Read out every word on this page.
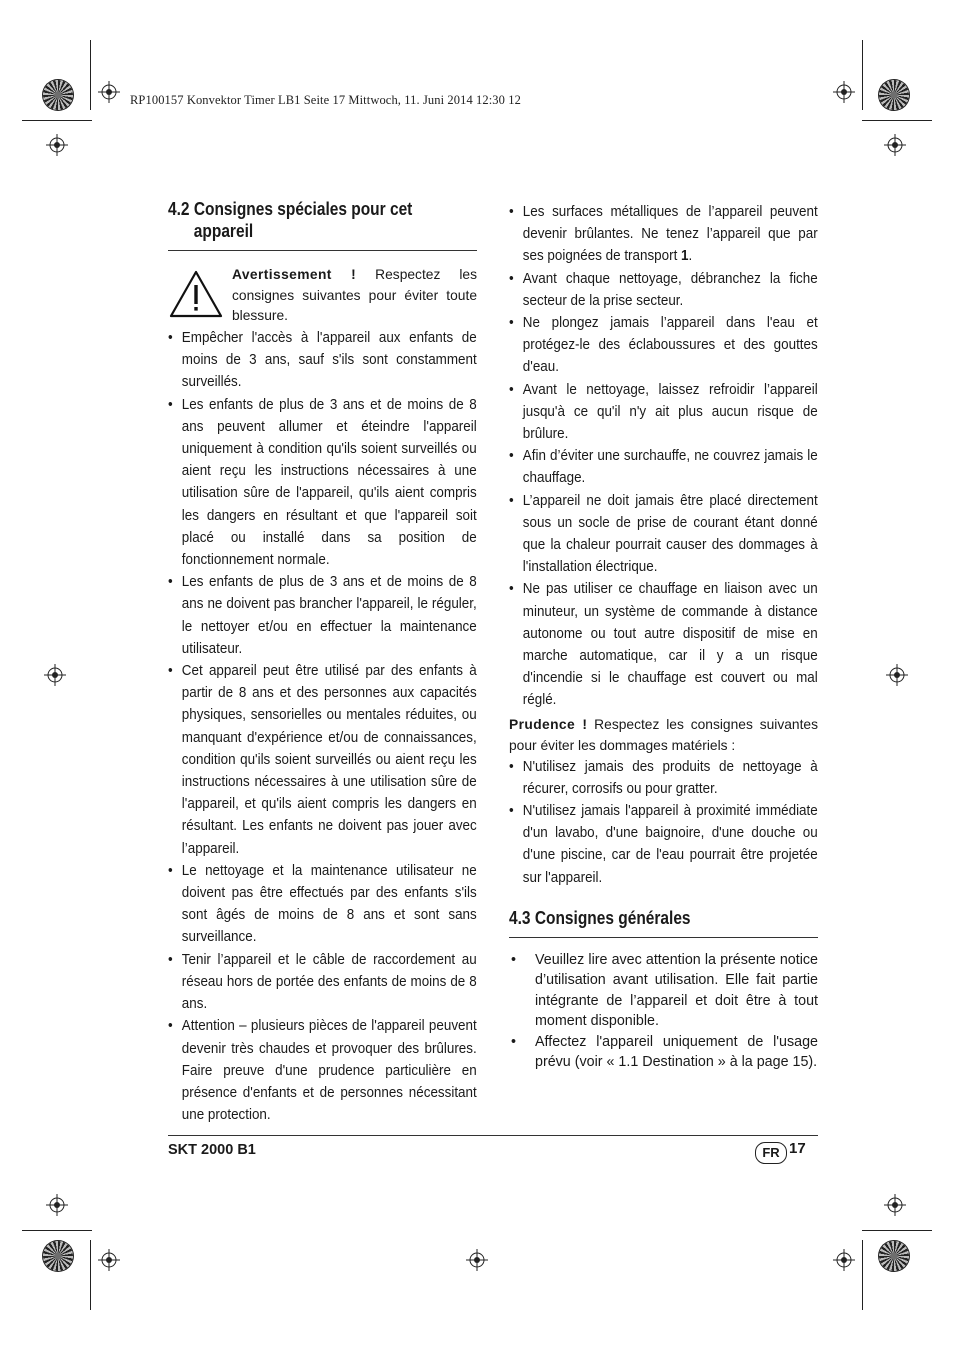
RP100157 Konvektor Timer LB1 Seite 17 Mittwoch, 11. Juni 2014 12:30 12
4.2 Consignes spéciales pour cet
appareil
Avertissement ! Respectez les consignes suivantes pour éviter toute blessure.
• Empêcher l'accès à l'appareil aux enfants de moins de 3 ans, sauf s'ils sont constamment surveillés.
• Les enfants de plus de 3 ans et de moins de 8 ans peuvent allumer et éteindre l'appareil uniquement à condition qu'ils soient surveillés ou aient reçu les instructions nécessaires à une utilisation sûre de l'appareil, qu'ils aient compris les dangers en résultant et que l'appareil soit placé ou installé dans sa position de fonctionnement normale.
• Les enfants de plus de 3 ans et de moins de 8 ans ne doivent pas brancher l'appareil, le réguler, le nettoyer et/ou en effectuer la maintenance utilisateur.
• Cet appareil peut être utilisé par des enfants à partir de 8 ans et des personnes aux capacités physiques, sensorielles ou mentales réduites, ou manquant d'expérience et/ou de connaissances, condition qu'ils soient surveillés ou aient reçu les instructions nécessaires à une utilisation sûre de l'appareil, et qu'ils aient compris les dangers en résultant. Les enfants ne doivent pas jouer avec l’appareil.
• Le nettoyage et la maintenance utilisateur ne doivent pas être effectués par des enfants s'ils sont âgés de moins de 8 ans et sont sans surveillance.
• Tenir l’appareil et le câble de raccordement au réseau hors de portée des enfants de moins de 8 ans.
• Attention – plusieurs pièces de l'appareil peuvent devenir très chaudes et provoquer des brûlures. Faire preuve d'une prudence particulière en présence d'enfants et de personnes nécessitant une protection.
• Les surfaces métalliques de l’appareil peuvent devenir brûlantes. Ne tenez l’appareil que par ses poignées de transport 1.
• Avant chaque nettoyage, débranchez la fiche secteur de la prise secteur.
• Ne plongez jamais l’appareil dans l'eau et protégez-le des éclaboussures et des gouttes d'eau.
• Avant le nettoyage, laissez refroidir l’appareil jusqu'à ce qu'il n'y ait plus aucun risque de brûlure.
• Afin d’éviter une surchauffe, ne couvrez jamais le chauffage.
• L’appareil ne doit jamais être placé directement sous un socle de prise de courant étant donné que la chaleur pourrait causer des dommages à l'installation électrique.
• Ne pas utiliser ce chauffage en liaison avec un minuteur, un système de commande à distance autonome ou tout autre dispositif de mise en marche automatique, car il y a un risque d'incendie si le chauffage est couvert ou mal réglé.
Prudence ! Respectez les consignes suivantes pour éviter les dommages matériels :
• N'utilisez jamais des produits de nettoyage à récurer, corrosifs ou pour gratter.
• N'utilisez jamais l'appareil à proximité immédiate d'un lavabo, d'une baignoire, d'une douche ou d'une piscine, car de l'eau pourrait être projetée sur l'appareil.
4.3 Consignes générales
• Veuillez lire avec attention la présente notice d’utilisation avant utilisation. Elle fait partie intégrante de l’appareil et doit être à tout moment disponible.
• Affectez l'appareil uniquement de l'usage prévu (voir « 1.1 Destination » à la page 15).
SKT 2000 B1	FR 17
